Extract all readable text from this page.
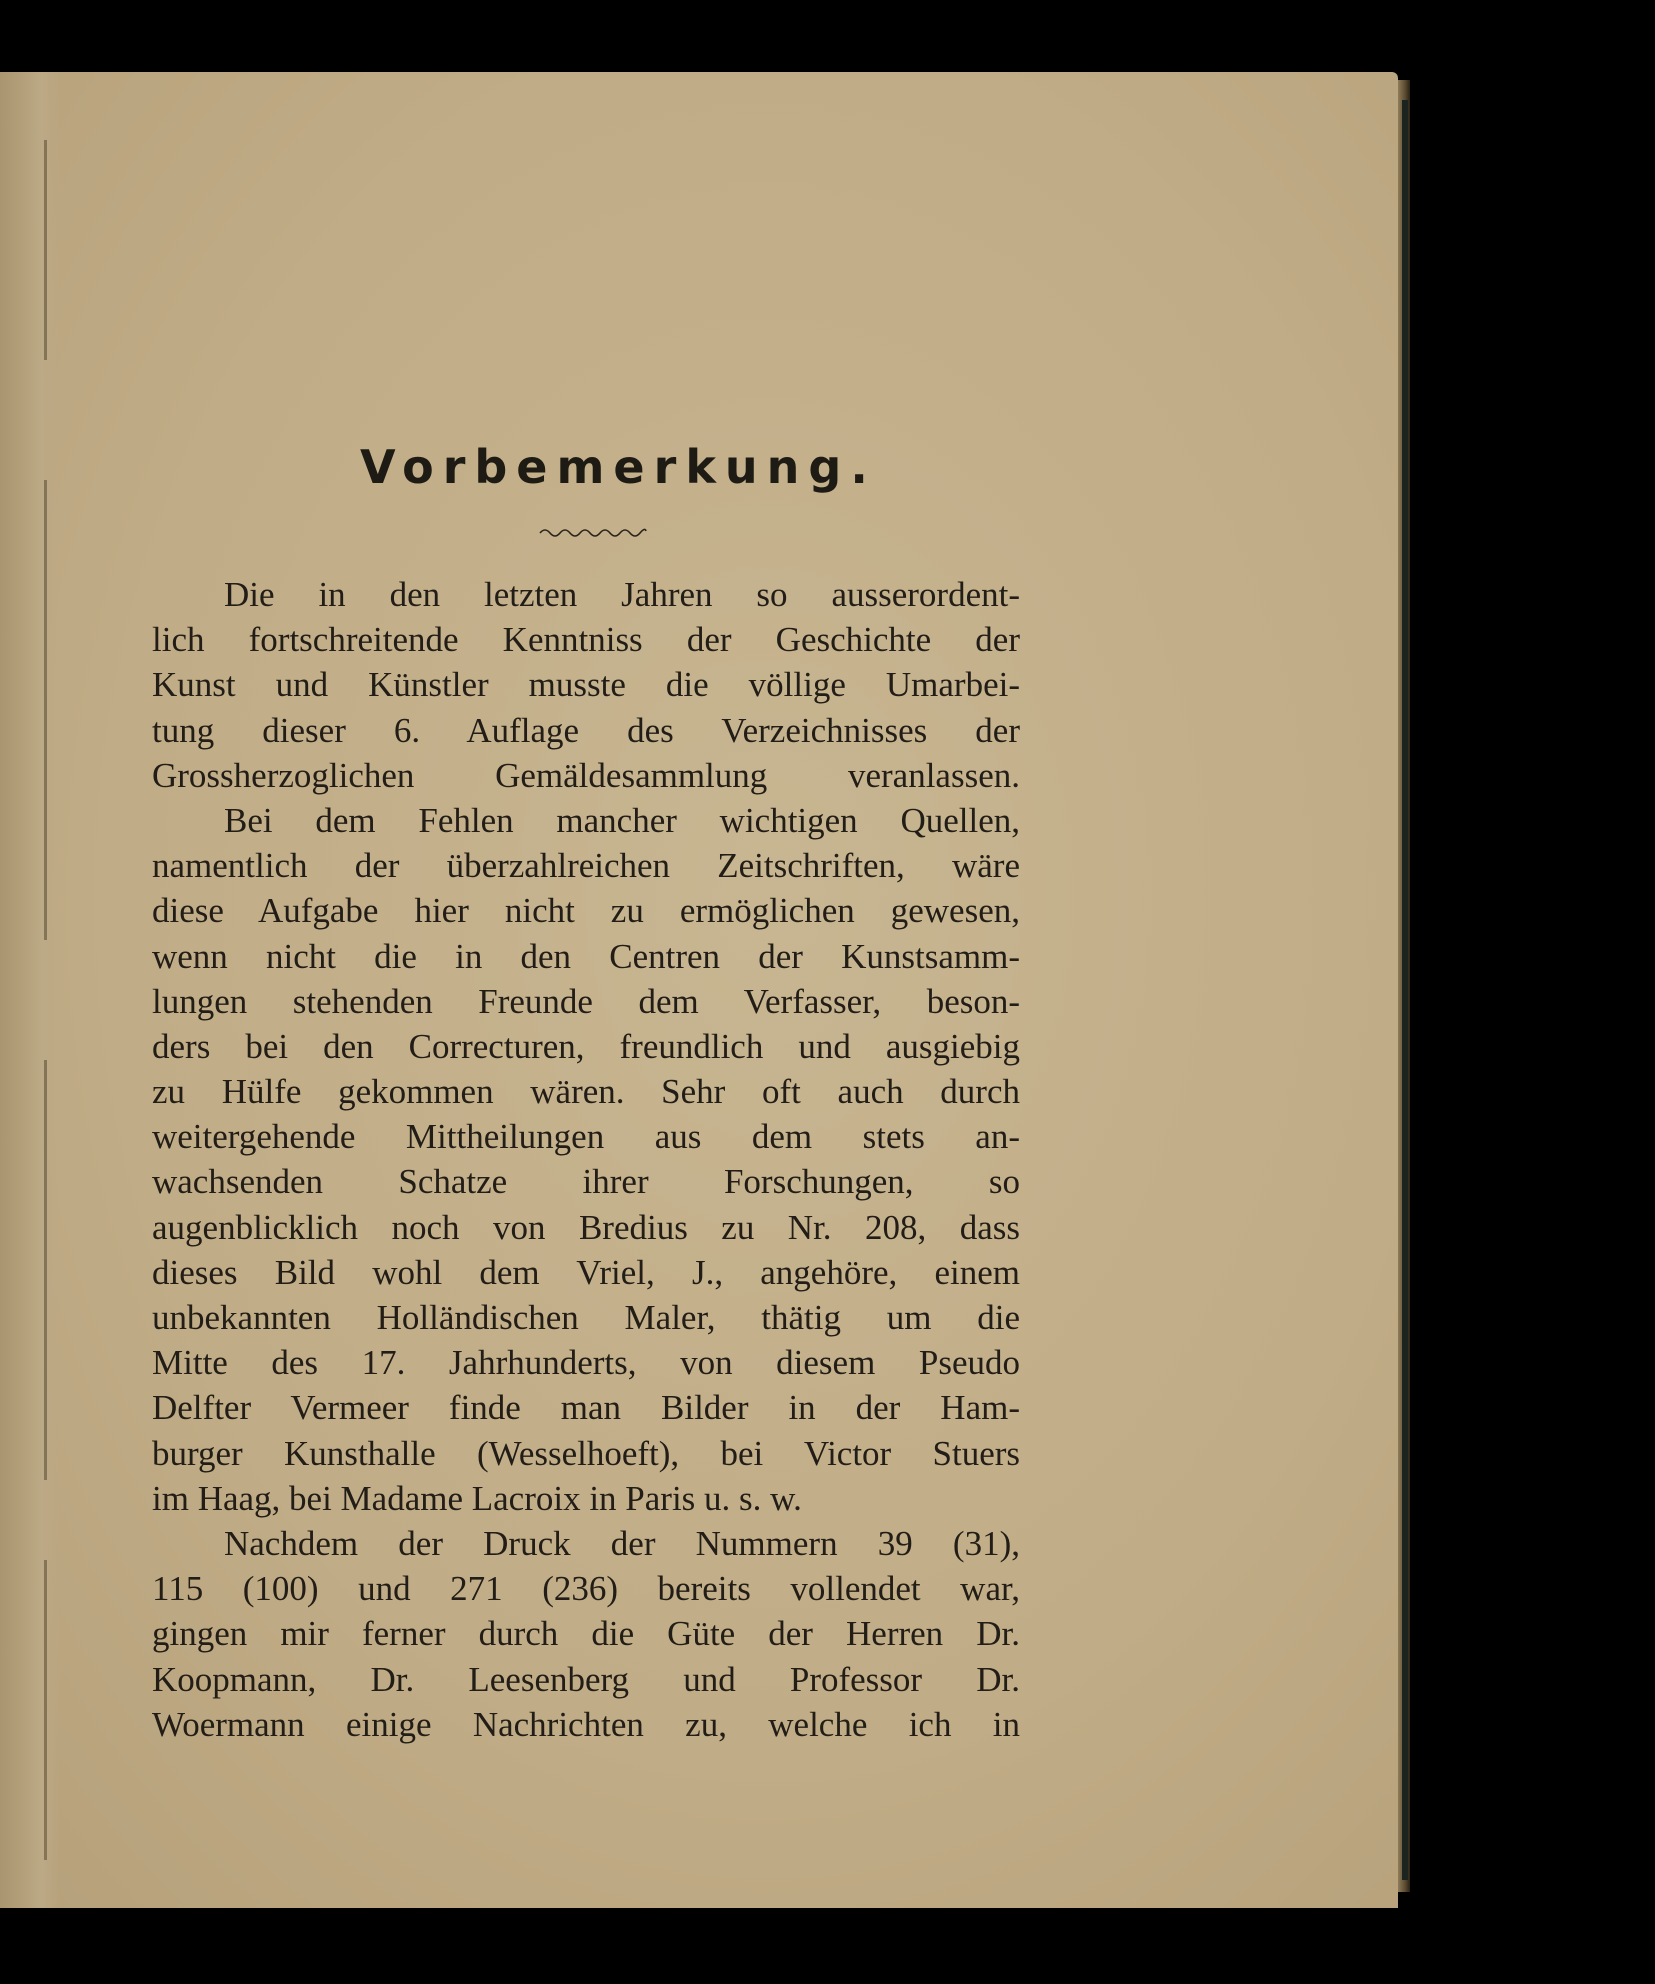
Vorbemerkung.

Die in den letzten Jahren so ausserordent-
lich fortschreitende Kenntniss der Geschichte der
Kunst und Künstler musste die völlige Umarbei-
tung dieser 6. Auflage des Verzeichnisses der
Grossherzoglichen Gemäldesammlung veranlassen.

Bei dem Fehlen mancher wichtigen Quellen,
namentlich der überzahlreichen Zeitschriften, wäre
diese Aufgabe hier nicht zu ermöglichen gewesen,
wenn nicht die in den Centren der Kunstsamm-
lungen stehenden Freunde dem Verfasser, beson-
ders bei den Correcturen, freundlich und ausgiebig
zu Hülfe gekommen wären. Sehr oft auch durch
weitergehende Mittheilungen aus dem stets an-
wachsenden Schatze ihrer Forschungen, so
augenblicklich noch von Bredius zu Nr. 208, dass
dieses Bild wohl dem Vriel, J., angehöre, einem
unbekannten Holländischen Maler, thätig um die
Mitte des 17. Jahrhunderts, von diesem Pseudo
Delfter Vermeer finde man Bilder in der Ham-
burger Kunsthalle (Wesselhoeft), bei Victor Stuers
im Haag, bei Madame Lacroix in Paris u. s. w.

Nachdem der Druck der Nummern 39 (31),
115 (100) und 271 (236) bereits vollendet war,
gingen mir ferner durch die Güte der Herren Dr.
Koopmann, Dr. Leesenberg und Professor Dr.
Woermann einige Nachrichten zu, welche ich in
